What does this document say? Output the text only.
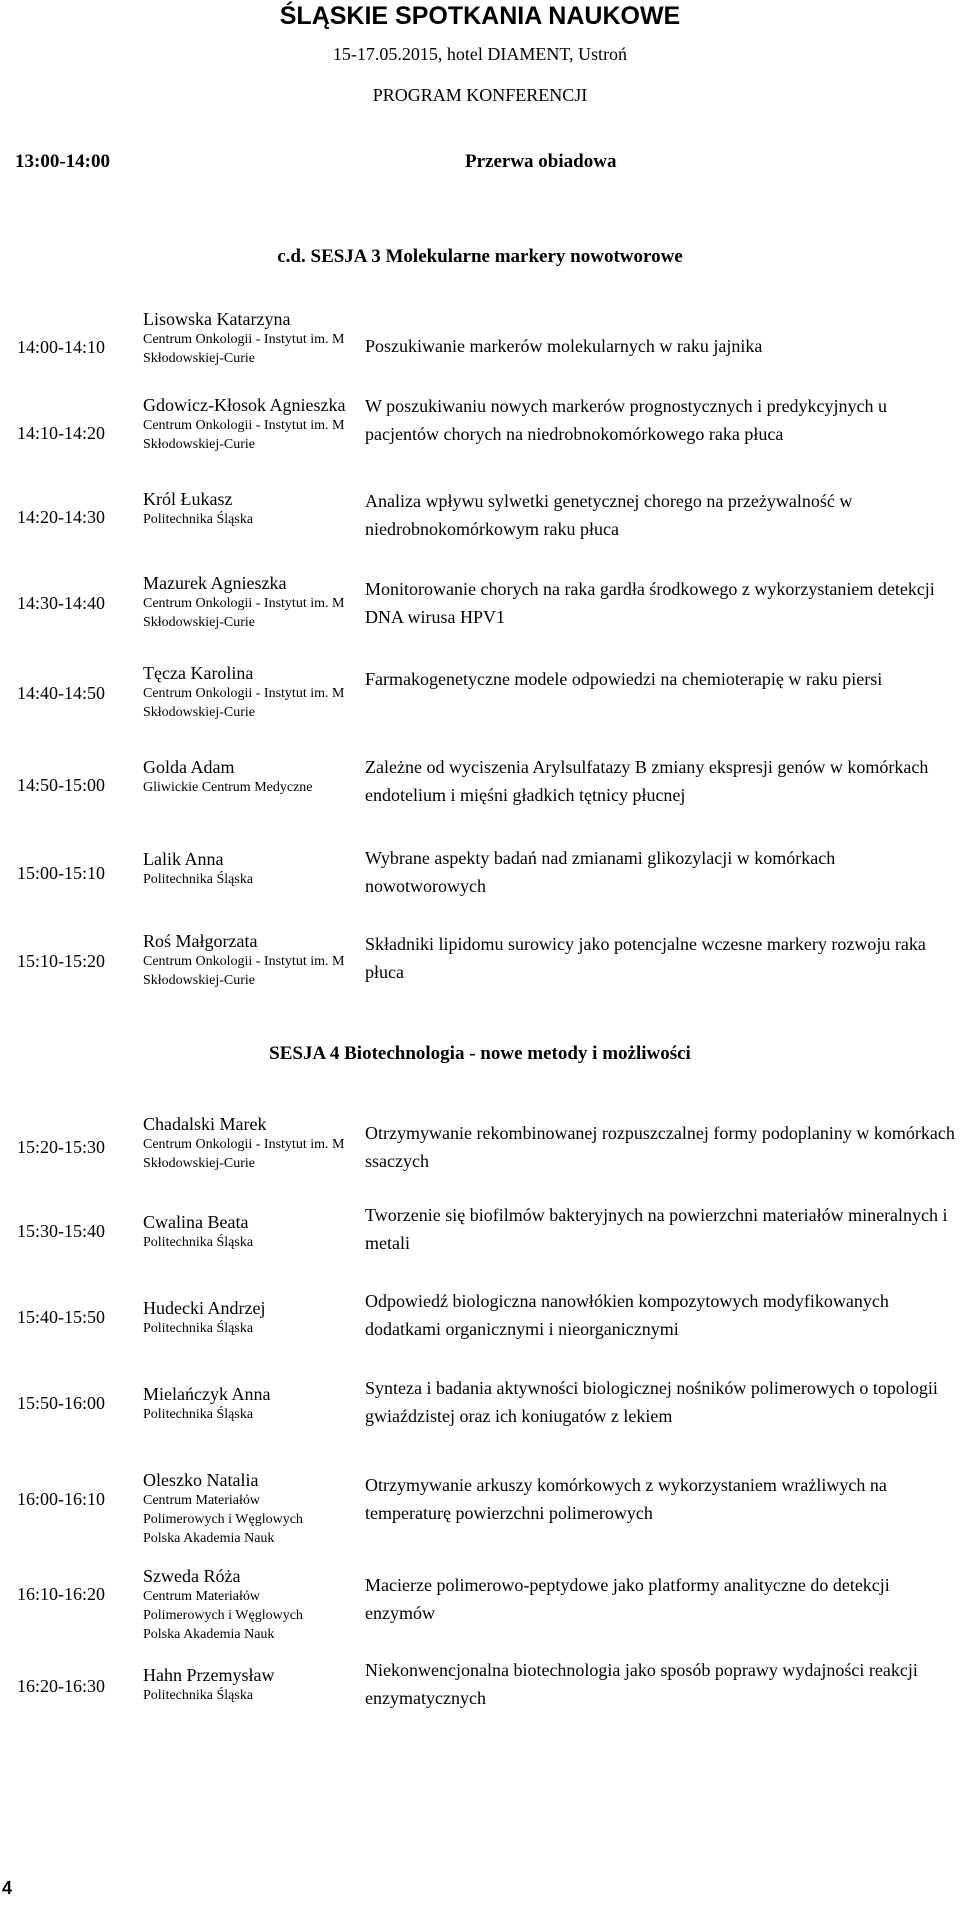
ŚLĄSKIE SPOTKANIA NAUKOWE
15-17.05.2015, hotel DIAMENT, Ustroń
PROGRAM KONFERENCJI
13:00-14:00	Przerwa obiadowa
c.d. SESJA 3 Molekularne markery nowotworowe
14:00-14:10
Lisowska Katarzyna
Centrum Onkologii - Instytut im. M Skłodowskiej-Curie
Poszukiwanie markerów molekularnych w raku jajnika
14:10-14:20
Gdowicz-Kłosok Agnieszka
Centrum Onkologii - Instytut im. M Skłodowskiej-Curie
W poszukiwaniu nowych markerów prognostycznych i predykcyjnych u pacjentów chorych na niedrobnokomórkowego raka płuca
14:20-14:30
Król Łukasz
Politechnika Śląska
Analiza wpływu sylwetki genetycznej chorego na przeżywalność w niedrobnokomórkowym raku płuca
14:30-14:40
Mazurek Agnieszka
Centrum Onkologii - Instytut im. M Skłodowskiej-Curie
Monitorowanie chorych na raka gardła środkowego z wykorzystaniem detekcji DNA wirusa HPV1
14:40-14:50
Tęcza Karolina
Centrum Onkologii - Instytut im. M Skłodowskiej-Curie
Farmakogenetyczne modele odpowiedzi na chemioterapię w raku piersi
14:50-15:00
Golda Adam
Gliwickie Centrum Medyczne
Zależne od wyciszenia Arylsulfatazy B zmiany ekspresji genów w komórkach endotelium i mięśni gładkich tętnicy płucnej
15:00-15:10
Lalik Anna
Politechnika Śląska
Wybrane aspekty badań nad zmianami glikozylacji w komórkach nowotworowych
15:10-15:20
Roś Małgorzata
Centrum Onkologii - Instytut im. M Skłodowskiej-Curie
Składniki lipidomu surowicy jako potencjalne wczesne markery rozwoju raka płuca
SESJA 4 Biotechnologia - nowe metody i możliwości
15:20-15:30
Chadalski Marek
Centrum Onkologii - Instytut im. M Skłodowskiej-Curie
Otrzymywanie rekombinowanej rozpuszczalnej formy podoplaniny w komórkach ssaczych
15:30-15:40 Cwalina Beata
Politechnika Śląska
Tworzenie się biofilmów bakteryjnych na powierzchni materiałów mineralnych i metali
15:40-15:50 Hudecki Andrzej
Politechnika Śląska
Odpowiedź biologiczna nanowłókien kompozytowych modyfikowanych dodatkami organicznymi i nieorganicznymi
15:50-16:00 Mielańczyk Anna
Politechnika Śląska
Synteza i badania aktywności biologicznej nośników polimerowych o topologii gwiaździstej oraz ich koniugatów z lekiem
16:00-16:10
Oleszko Natalia
Centrum Materiałów Polimerowych i Węglowych Polska Akademia Nauk
Otrzymywanie arkuszy komórkowych z wykorzystaniem wrażliwych na temperaturę powierzchni polimerowych
16:10-16:20
Szweda Róża
Centrum Materiałów Polimerowych i Węglowych Polska Akademia Nauk
Macierze polimerowo-peptydowe jako platformy analityczne do detekcji enzymów
16:20-16:30
Hahn Przemysław
Politechnika Śląska
Niekonwencjonalna biotechnologia jako sposób poprawy wydajności reakcji enzymatycznych
4
